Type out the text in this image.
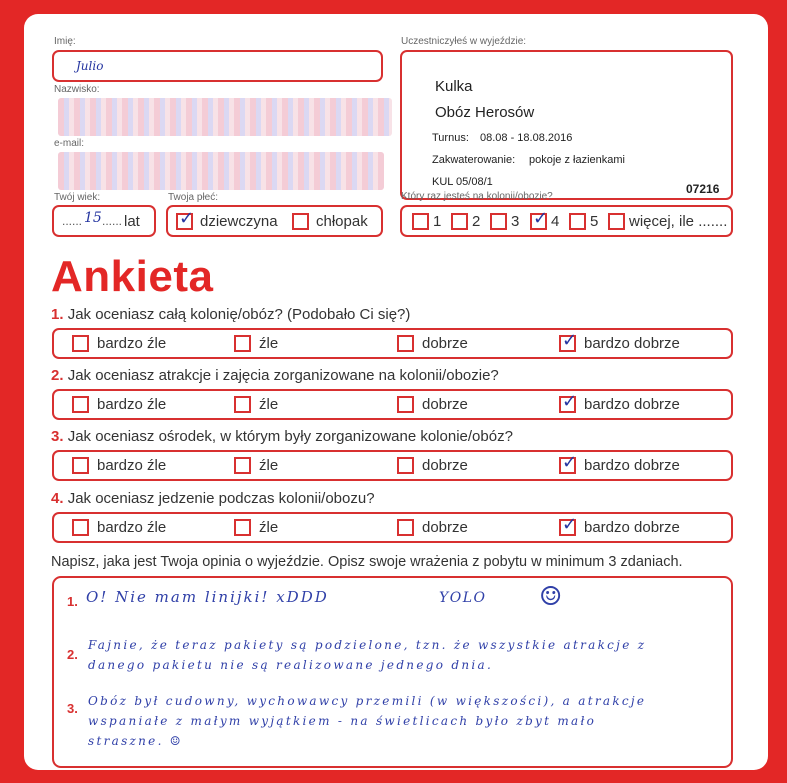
Imię:
Julio
Nazwisko:
e-mail:
Twój wiek:
...... 15 ...... lat
Twoja płeć:
✓ dziewczyna	chłopak
Uczestniczyłeś w wyjeździe:
Kulka
Obóz Herosów
Turnus: 08.08 - 18.08.2016
Zakwaterowanie: pokoje z łazienkami
KUL 05/08/1	07216
Który raz jesteś na kolonii/obozie?
1 2 3 ✓ 4 5 więcej, ile .......
Ankieta
1. Jak oceniasz całą kolonię/obóz? (Podobało Ci się?)
bardzo źle	źle	dobrze	✓ bardzo dobrze
2. Jak oceniasz atrakcje i zajęcia zorganizowane na kolonii/obozie?
bardzo źle	źle	dobrze	✓ bardzo dobrze
3. Jak oceniasz ośrodek, w którym były zorganizowane kolonie/obóz?
bardzo źle	źle	dobrze	✓ bardzo dobrze
4. Jak oceniasz jedzenie podczas kolonii/obozu?
bardzo źle	źle	dobrze	✓ bardzo dobrze
Napisz, jaka jest Twoja opinia o wyjeździe. Opisz swoje wrażenia z pobytu w minimum 3 zdaniach.
1. O! Nie mam linijki! xDDD	YOLO ☺
2.
Fajnie, że teraz pakiety są podzielone, tzn. że wszystkie atrakcje z
danego pakietu nie są realizowane jednego dnia.
3. Obóz był cudowny, wychowawcy przemili (w większości), a atrakcje
wspaniałe z małym wyjątkiem - na świetlicach było zbyt mało
straszne. ☺
